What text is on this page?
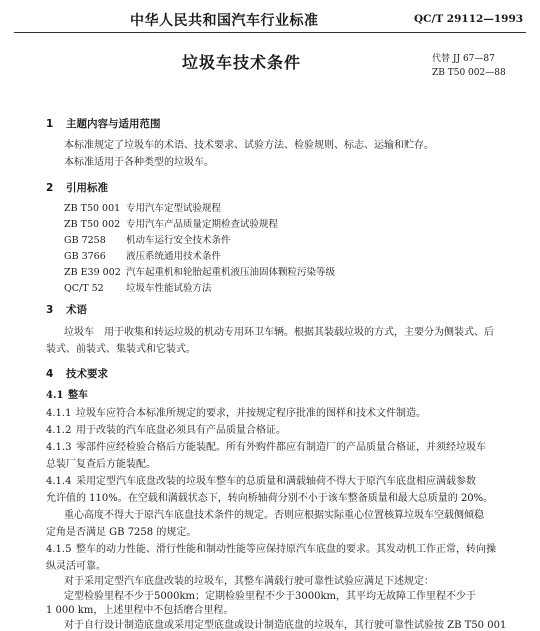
中华人民共和国汽车行业标准	QC/T 29112—1993
垃圾车技术条件	代替 JJ 67—87
ZB T50 002—88
1 主题内容与适用范围
本标准规定了垃圾车的术语、技术要求、试验方法、检验规则、标志、运输和贮存。
本标准适用于各种类型的垃圾车。
2 引用标准
ZB T50 001 专用汽车定型试验规程
ZB T50 002 专用汽车产品质量定期检查试验规程
GB 7258 机动车运行安全技术条件
GB 3766 液压系统通用技术条件
ZB E39 002 汽车起重机和轮胎起重机液压油固体颗粒污染等级
QC/T 52 垃圾车性能试验方法
3 术语
垃圾车　用于收集和转运垃圾的机动专用环卫车辆。根据其装载垃圾的方式，主要分为侧装式、后
装式、前装式、集装式和它装式。
4 技术要求
4.1 整车
4.1.1 垃圾车应符合本标准所规定的要求，并按规定程序批准的图样和技术文件制造。
4.1.2 用于改装的汽车底盘必须具有产品质量合格证。
4.1.3 零部件应经检验合格后方能装配。所有外购件都应有制造厂的产品质量合格证，并须经垃圾车
总装厂复查后方能装配。
4.1.4 采用定型汽车底盘改装的垃圾车整车的总质量和满载轴荷不得大于原汽车底盘相应满载参数
允许值的 110%。在空载和满载状态下，转向桥轴荷分别不小于该车整备质量和最大总质量的 20%。
重心高度不得大于原汽车底盘技术条件的规定。否则应根据实际重心位置核算垃圾车空载侧倾稳
定角是否满足 GB 7258 的规定。
4.1.5 整车的动力性能、滑行性能和制动性能等应保持原汽车底盘的要求。其发动机工作正常，转向操
纵灵活可靠。
对于采用定型汽车底盘改装的垃圾车，其整车满载行驶可靠性试验应满足下述规定：
定型检验里程不少于5000km；定期检验里程不少于3000km，其平均无故障工作里程不少于
1 000 km，上述里程中不包括磨合里程。
对于自行设计制造底盘或采用定型底盘或设计制造底盘的垃圾车，其行驶可靠性试验按 ZB T50 001
